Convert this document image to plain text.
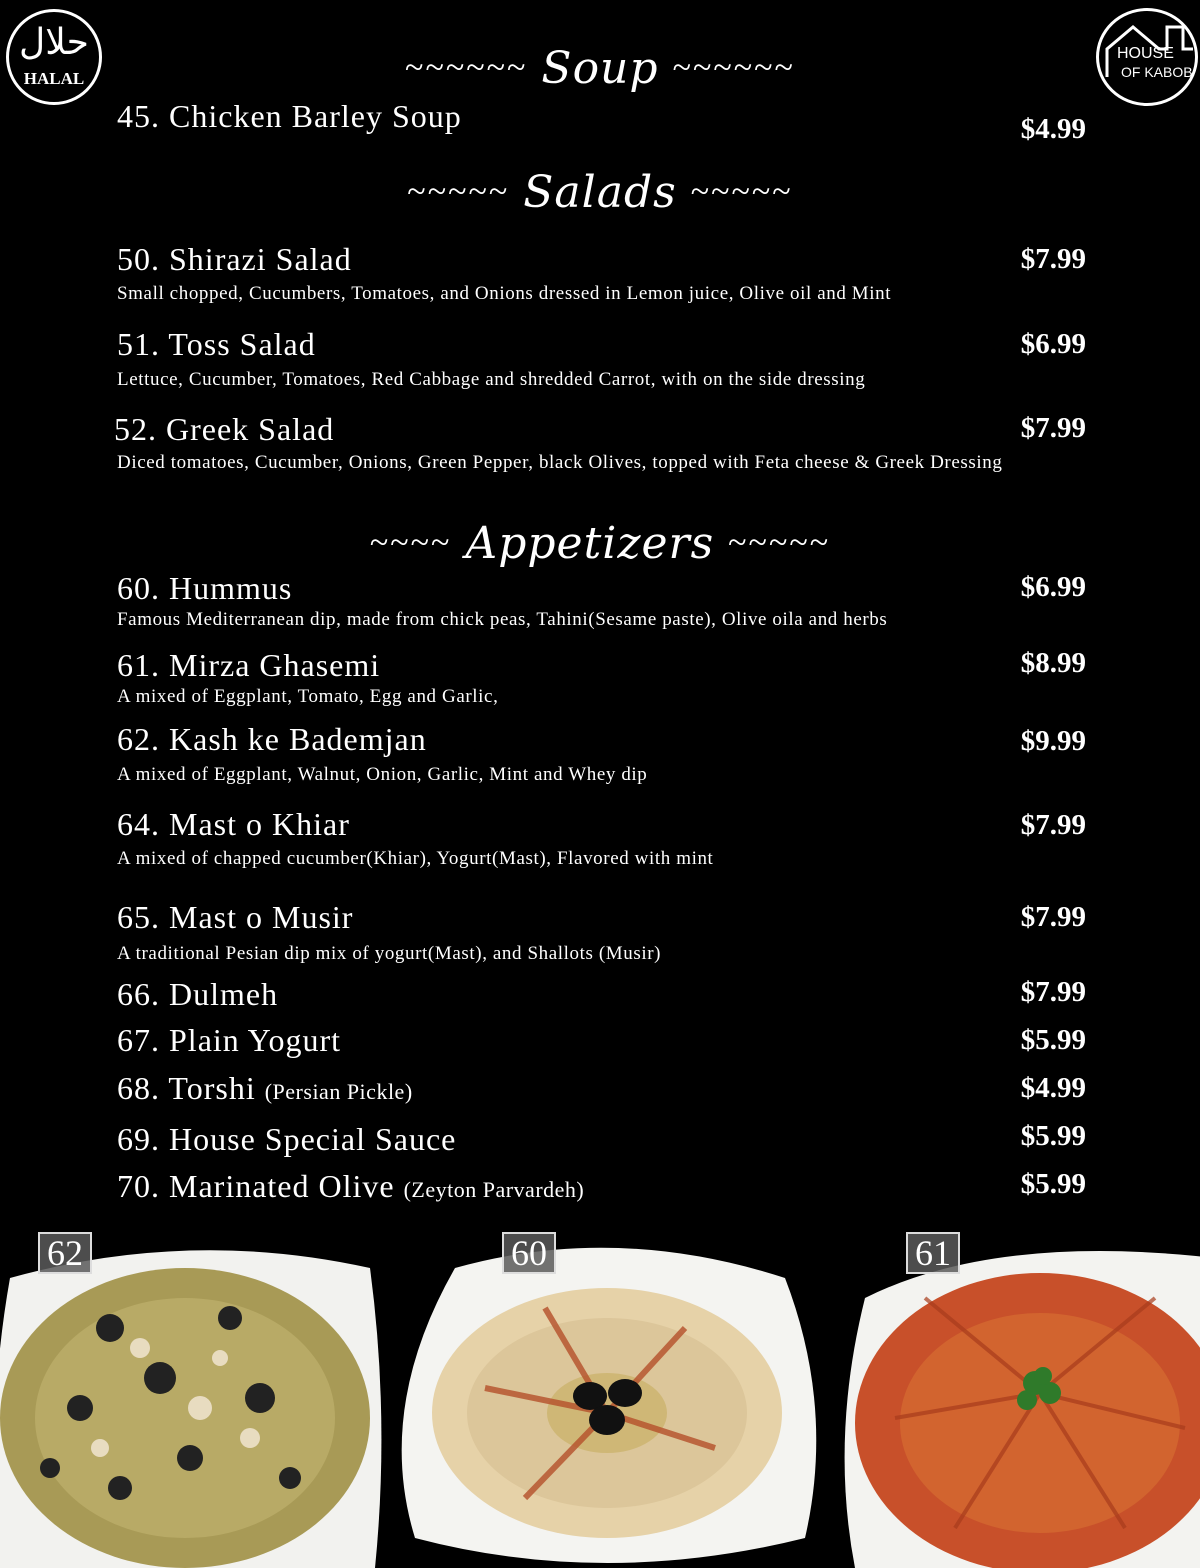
حلال
HALAL
HOUSE
OF KABOB
~~~~~~ Soup ~~~~~~
45. Chicken Barley Soup	$4.99
~~~~~ Salads ~~~~~
50. Shirazi Salad	$7.99
Small chopped, Cucumbers, Tomatoes, and Onions dressed in Lemon juice, Olive oil and Mint
51. Toss Salad	$6.99
Lettuce, Cucumber, Tomatoes, Red Cabbage and shredded Carrot, with on the side dressing
52. Greek Salad	$7.99
Diced tomatoes, Cucumber, Onions, Green Pepper, black Olives, topped with Feta cheese & Greek Dressing
~~~~ Appetizers ~~~~~
60. Hummus	$6.99
Famous Mediterranean dip, made from chick peas, Tahini(Sesame paste), Olive oila and herbs
61. Mirza Ghasemi	$8.99
A mixed of Eggplant, Tomato, Egg and Garlic,
62. Kash ke Bademjan	$9.99
A mixed of Eggplant, Walnut, Onion, Garlic, Mint and Whey dip
64. Mast o Khiar	$7.99
A mixed of chapped cucumber(Khiar), Yogurt(Mast), Flavored with mint
65. Mast o Musir	$7.99
A traditional Pesian dip mix of yogurt(Mast), and Shallots (Musir)
66. Dulmeh	$7.99
67. Plain Yogurt	$5.99
68. Torshi (Persian Pickle)	$4.99
69. House Special Sauce	$5.99
70. Marinated Olive (Zeyton Parvardeh)	$5.99
62	60	61
